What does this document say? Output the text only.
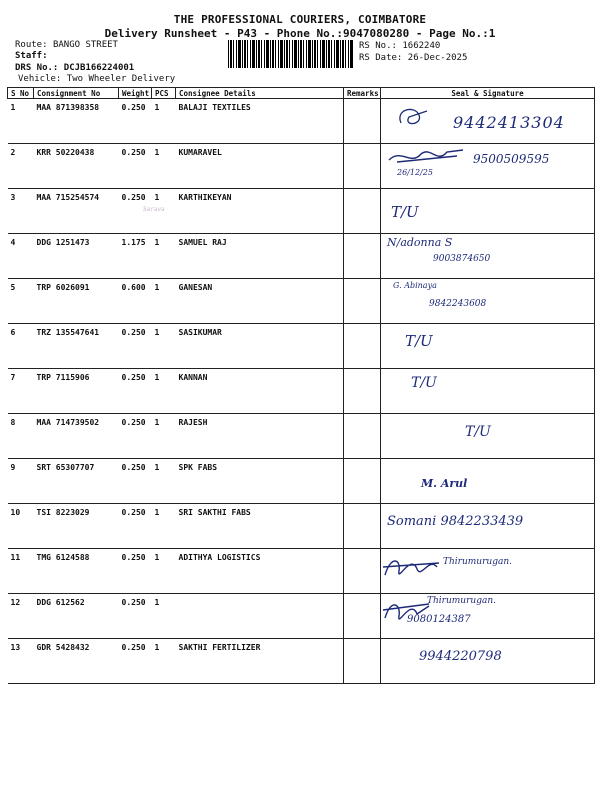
THE PROFESSIONAL COURIERS, COIMBATORE
Delivery Runsheet - P43 - Phone No.:9047080280 - Page No.:1
Route: BANGO STREET
Staff:
DRS No.: DCJB166224001
Vehicle: Two Wheeler Delivery
RS No.: 1662240
RS Date: 26-Dec-2025
S No	Consignment No	Weight	PCS	Consignee Details	Remarks	Seal & Signature
1	MAA 871398358	0.250	1	BALAJI TEXTILES		9442413304

2	KRR 50220438	0.250	1	KUMARAVEL		26/12/25
9500509595

3	MAA 715254574	0.250	1	KARTHIKEYAN		T/U

4	DDG 1251473	1.175	1	SAMUEL RAJ		N/adonna S
9003874650

5	TRP 6026091	0.600	1	GANESAN		G. Abinaya
9842243608

6	TRZ 135547641	0.250	1	SASIKUMAR		T/U

7	TRP 7115906	0.250	1	KANNAN		T/U

8	MAA 714739502	0.250	1	RAJESH		T/U

9	SRT 65307707	0.250	1	SPK FABS		M. Arul

10	TSI 8223029	0.250	1	SRI SAKTHI FABS		Somani 9842233439

11	TMG 6124588	0.250	1	ADITHYA LOGISTICS		Thirumurugan.

12	DDG 612562	0.250	1			Thirumurugan.
9080124387

13	GDR 5428432	0.250	1	SAKTHI FERTILIZER		9944220798
Sarava
